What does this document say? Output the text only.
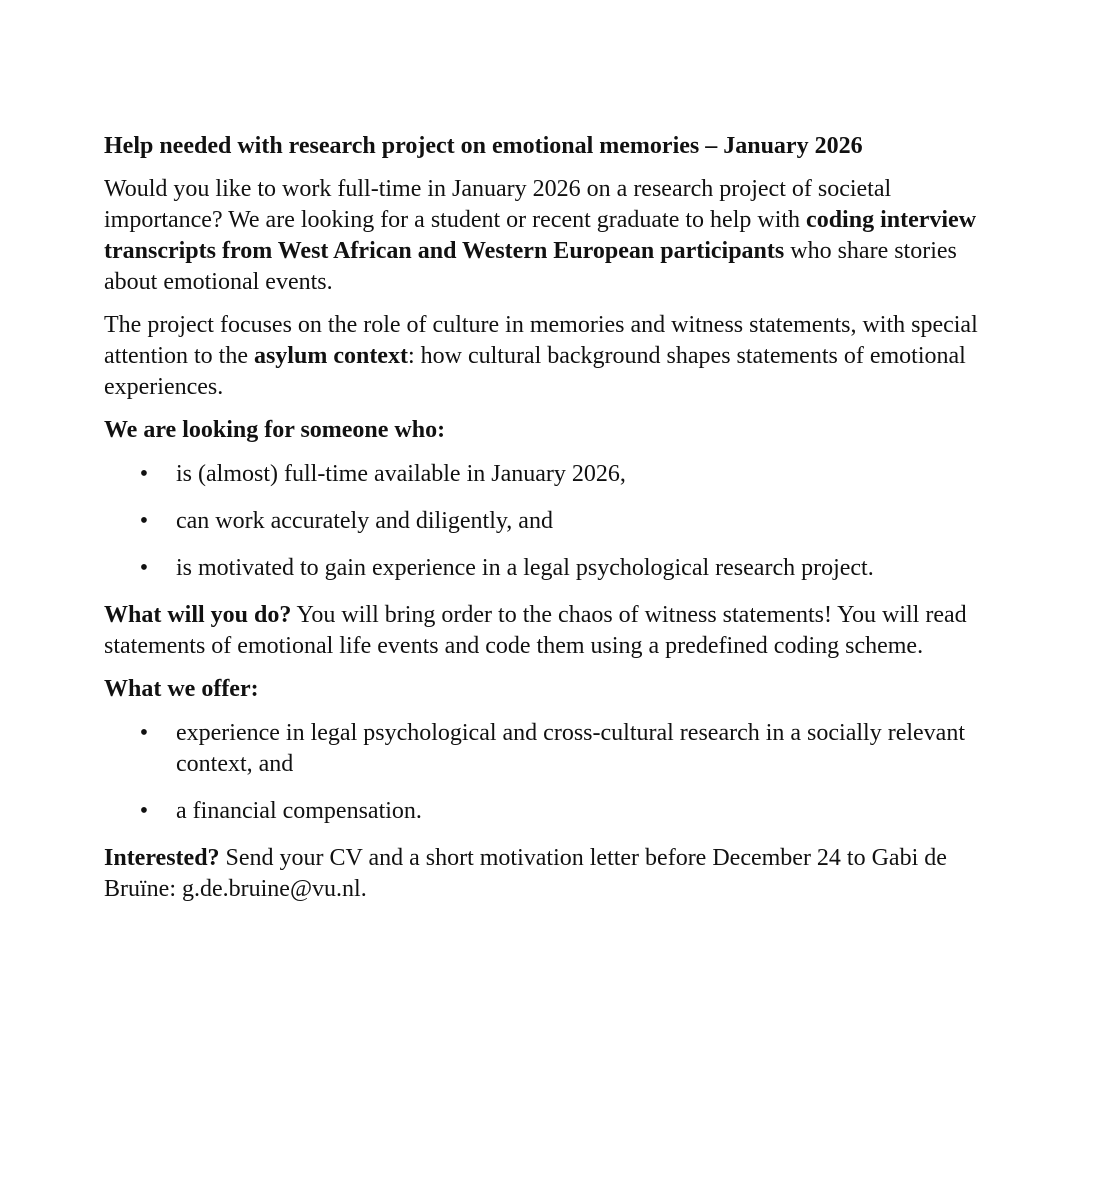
Help needed with research project on emotional memories – January 2026

Would you like to work full-time in January 2026 on a research project of societal importance? We are looking for a student or recent graduate to help with coding interview transcripts from West African and Western European participants who share stories about emotional events.

The project focuses on the role of culture in memories and witness statements, with special attention to the asylum context: how cultural background shapes statements of emotional experiences.

We are looking for someone who:
• is (almost) full-time available in January 2026,
• can work accurately and diligently, and
• is motivated to gain experience in a legal psychological research project.

What will you do? You will bring order to the chaos of witness statements! You will read statements of emotional life events and code them using a predefined coding scheme.

What we offer:
• experience in legal psychological and cross-cultural research in a socially relevant context, and
• a financial compensation.

Interested? Send your CV and a short motivation letter before December 24 to Gabi de Bruïne: g.de.bruine@vu.nl.
